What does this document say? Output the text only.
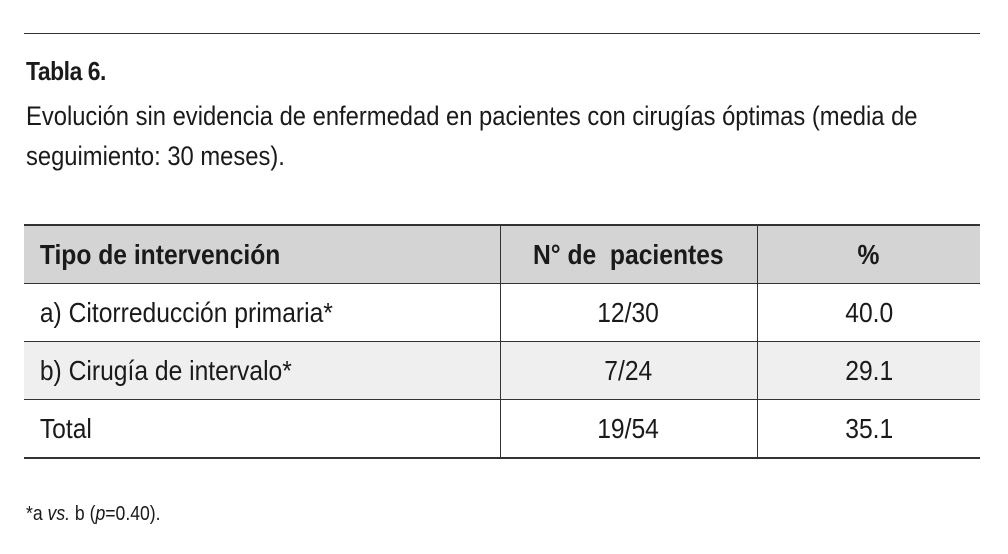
Tabla 6.
Evolución sin evidencia de enfermedad en pacientes con cirugías óptimas (media de seguimiento: 30 meses).
Tipo de intervención	N° de  pacientes	%
a) Citorreducción primaria*	12/30	40.0
b) Cirugía de intervalo*	7/24	29.1
Total	19/54	35.1
*a vs. b (p=0.40).
